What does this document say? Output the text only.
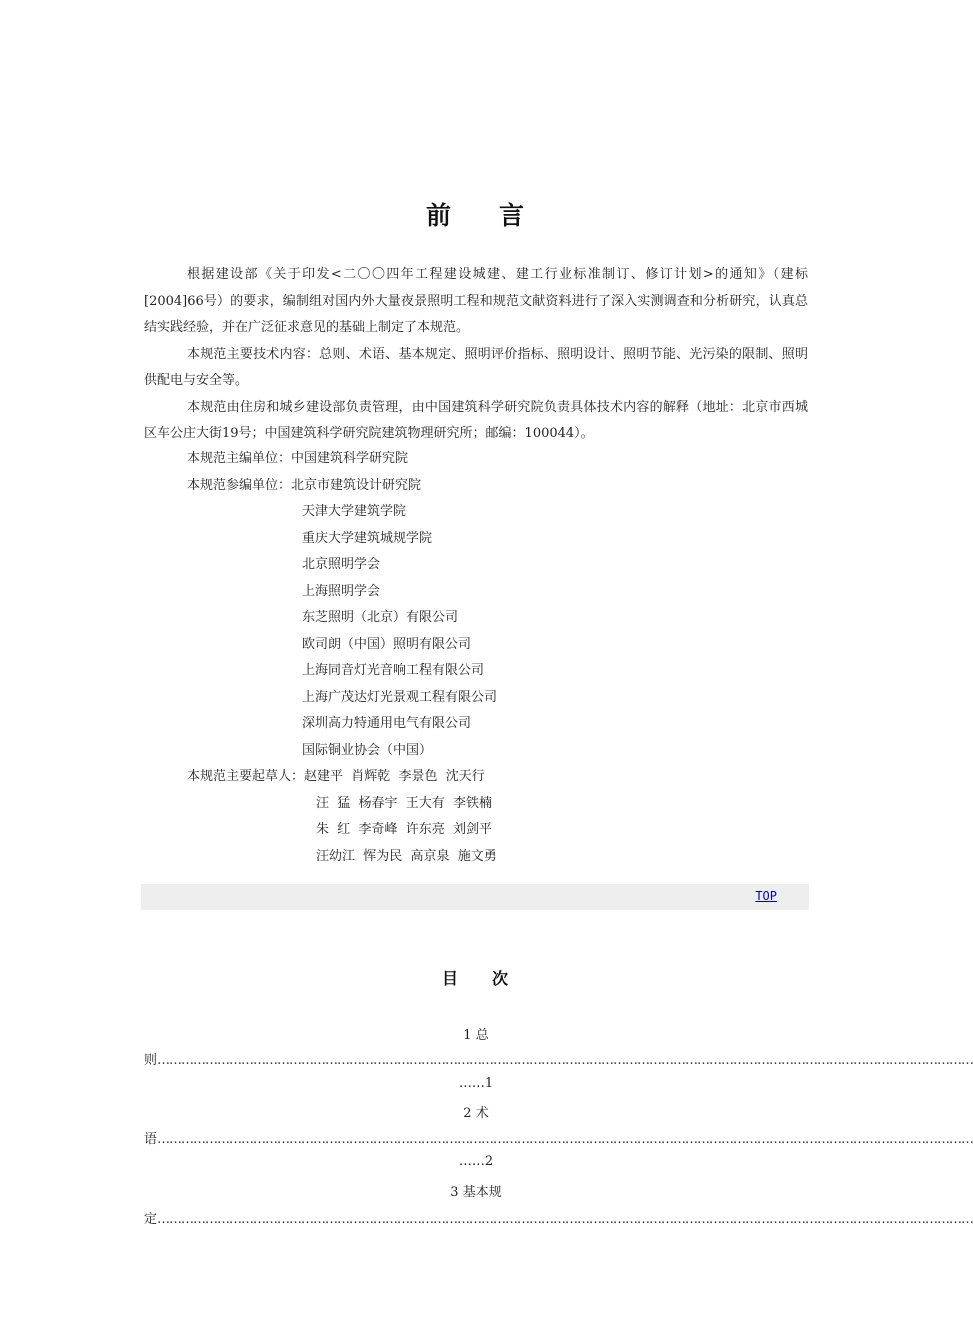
前 言

根据建设部《关于印发<二〇〇四年工程建设城建、建工行业标准制订、修订计划>的通知》（建标[2004]66号）的要求，编制组对国内外大量夜景照明工程和规范文献资料进行了深入实测调查和分析研究，认真总结实践经验，并在广泛征求意见的基础上制定了本规范。

本规范主要技术内容：总则、术语、基本规定、照明评价指标、照明设计、照明节能、光污染的限制、照明供配电与安全等。

本规范由住房和城乡建设部负责管理，由中国建筑科学研究院负责具体技术内容的解释（地址：北京市西城区车公庄大街19号；中国建筑科学研究院建筑物理研究所；邮编：100044）。

本规范主编单位：中国建筑科学研究院
本规范参编单位：北京市建筑设计研究院
天津大学建筑学院
重庆大学建筑城规学院
北京照明学会
上海照明学会
东芝照明（北京）有限公司
欧司朗（中国）照明有限公司
上海同音灯光音响工程有限公司
上海广茂达灯光景观工程有限公司
深圳高力特通用电气有限公司
国际铜业协会（中国）
本规范主要起草人：赵建平  肖辉乾  李景色  沈天行
汪  猛  杨春宇  王大有  李铁楠
朱  红  李奇峰  许东亮  刘剑平
汪幼江  恽为民  高京泉  施文勇
TOP
目 次
1 总
则……………………………………………………………………………………………………………………………………………………………………………………
……1
2 术
语……………………………………………………………………………………………………………………………………………………………………………………
……2
3 基本规
定……………………………………………………………………………………………………………………………………………………………………………………
